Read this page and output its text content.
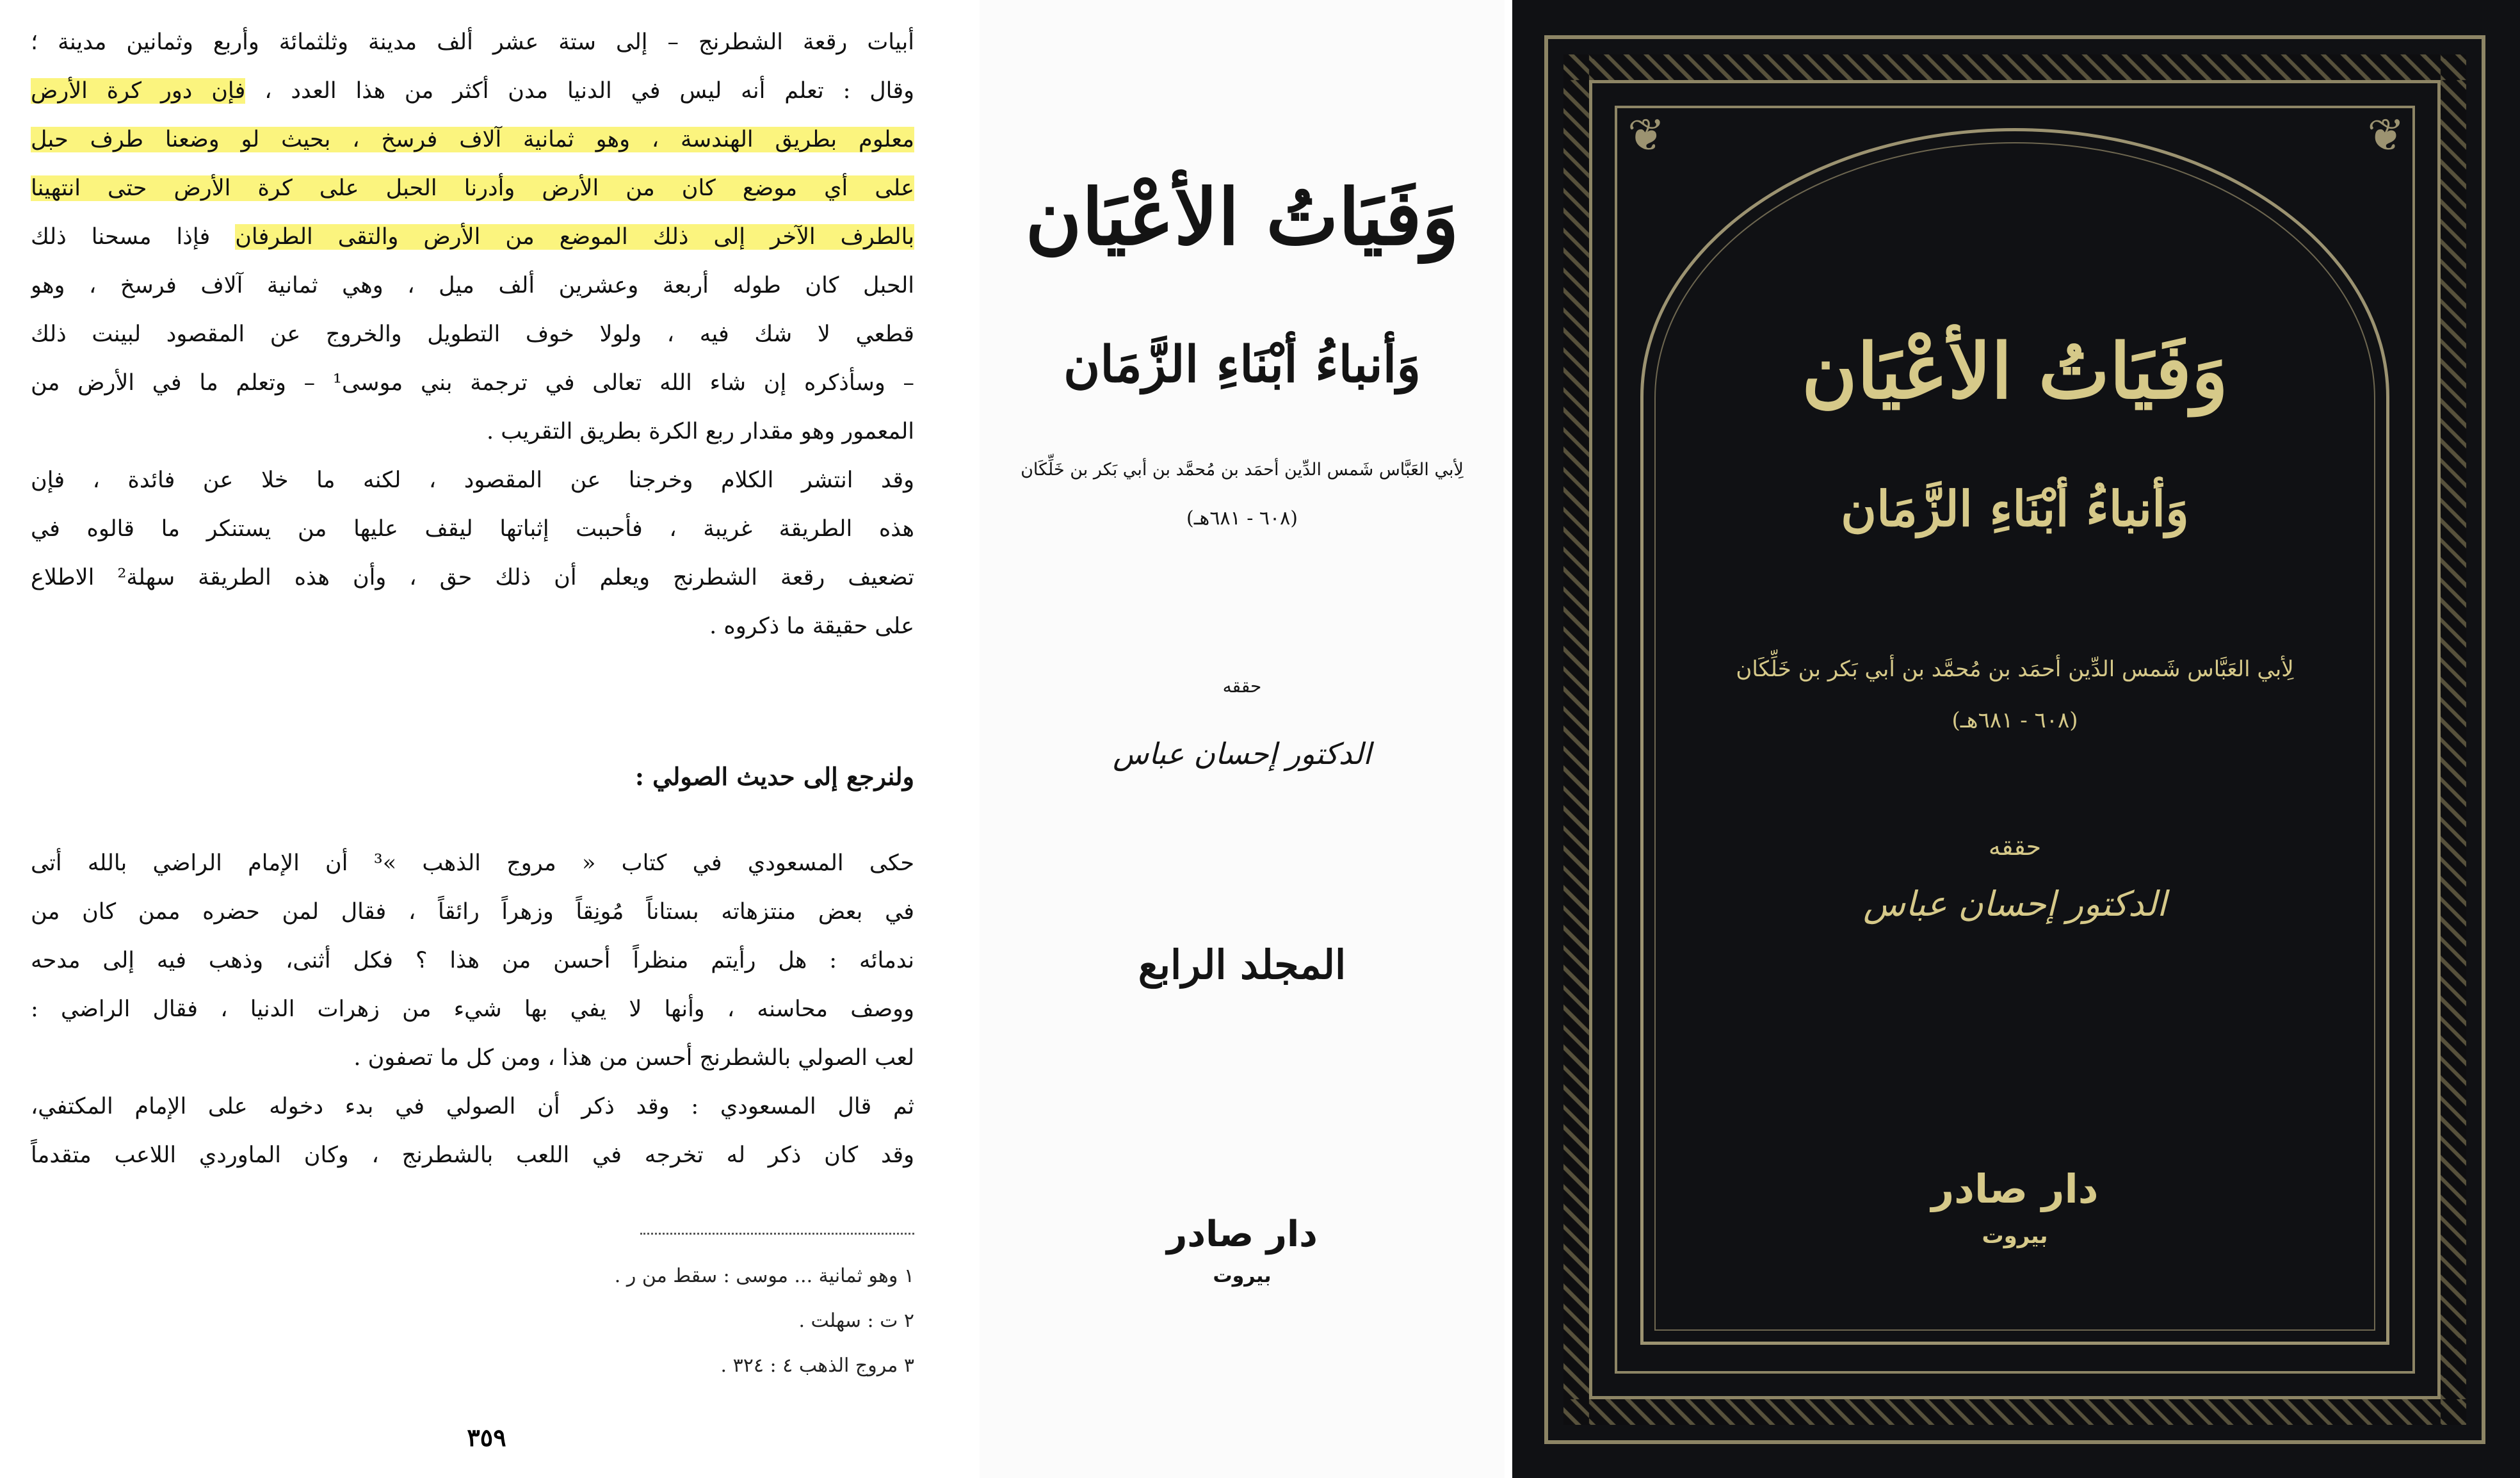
أبيات رقعة الشطرنج – إلى ستة عشر ألف مدينة وثلثمائة وأربع وثمانين مدينة ؛
وقال : تعلم أنه ليس في الدنيا مدن أكثر من هذا العدد ، فإن دور كرة الأرض
معلوم بطريق الهندسة ، وهو ثمانية آلاف فرسخ ، بحيث لو وضعنا طرف حبل
على أي موضع كان من الأرض وأدرنا الحبل على كرة الأرض حتى انتهينا
بالطرف الآخر إلى ذلك الموضع من الأرض والتقى الطرفان فإذا مسحنا ذلك
الحبل كان طوله أربعة وعشرين ألف ميل ، وهي ثمانية آلاف فرسخ ، وهو
قطعي لا شك فيه ، ولولا خوف التطويل والخروج عن المقصود لبينت ذلك
– وسأذكره إن شاء الله تعالى في ترجمة بني موسى¹ – وتعلم ما في الأرض من
المعمور وهو مقدار ربع الكرة بطريق التقريب .
وقد انتشر الكلام وخرجنا عن المقصود ، لكنه ما خلا عن فائدة ، فإن
هذه الطريقة غريبة ، فأحببت إثباتها ليقف عليها من يستنكر ما قالوه في
تضعيف رقعة الشطرنج ويعلم أن ذلك حق ، وأن هذه الطريقة سهلة² الاطلاع
على حقيقة ما ذكروه .
ولنرجع إلى حديث الصولي :
حكى المسعودي في كتاب « مروج الذهب »³ أن الإمام الراضي بالله أتى
في بعض منتزهاته بستاناً مُونِقاً وزهراً رائقاً ، فقال لمن حضره ممن كان من
ندمائه : هل رأيتم منظراً أحسن من هذا ؟ فكل أثنى، وذهب فيه إلى مدحه
ووصف محاسنه ، وأنها لا يفي بها شيء من زهرات الدنيا ، فقال الراضي :
لعب الصولي بالشطرنج أحسن من هذا ، ومن كل ما تصفون .
ثم قال المسعودي : وقد ذكر أن الصولي في بدء دخوله على الإمام المكتفي،
وقد كان ذكر له تخرجه في اللعب بالشطرنج ، وكان الماوردي اللاعب متقدماً
١ وهو ثمانية ... موسى : سقط من ر .
٢ ت : سهلت .
٣ مروج الذهب ٤ : ٣٢٤ .
٣٥٩
وَفَيَاتُ الأعْيَان
وَأنباءُ أبْنَاءِ الزَّمَان
لِأبي العَبَّاس شَمس الدِّين أحمَد بن مُحمَّد بن أبي بَكر بن خَلِّكَان
(٦٠٨ - ٦٨١هـ)
حققه
الدكتور إحسان عباس
المجلد الرابع
دار صادر
بيروت
❦	❦
وَفَيَاتُ الأعْيَان
وَأنباءُ أبْنَاءِ الزَّمَان
لِأبي العَبَّاس شَمس الدِّين أحمَد بن مُحمَّد بن أبي بَكر بن خَلِّكَان
(٦٠٨ - ٦٨١هـ)
حققه
الدكتور إحسان عباس
دار صادر
بيروت
